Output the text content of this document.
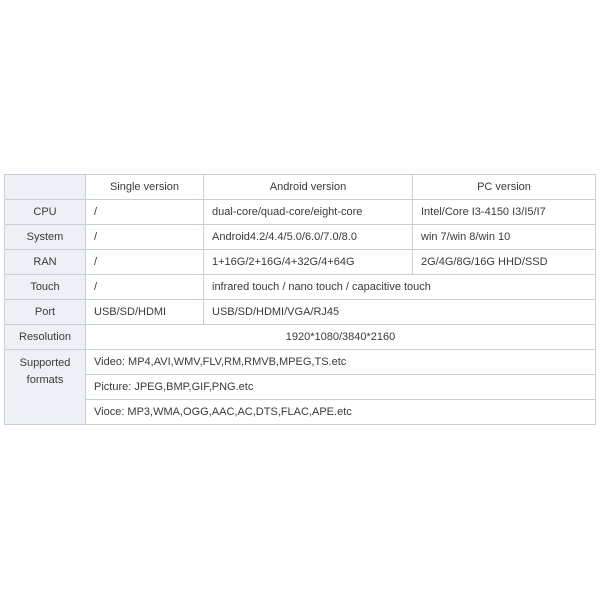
	Single version	Android version	PC version
CPU	/	dual-core/quad-core/eight-core	Intel/Core I3-4150 I3/I5/I7
System	/	Android4.2/4.4/5.0/6.0/7.0/8.0	win 7/win 8/win 10
RAN	/	1+16G/2+16G/4+32G/4+64G	2G/4G/8G/16G HHD/SSD
Touch	/	infrared touch / nano touch / capacitive touch	
Port	USB/SD/HDMI	USB/SD/HDMI/VGA/RJ45	
Resolution	1920*1080/3840*2160		

Supported
formats	Video: MP4,AVI,WMV,FLV,RM,RMVB,MPEG,TS.etc		
	Picture: JPEG,BMP,GIF,PNG.etc		
	Vioce: MP3,WMA,OGG,AAC,AC,DTS,FLAC,APE.etc		
